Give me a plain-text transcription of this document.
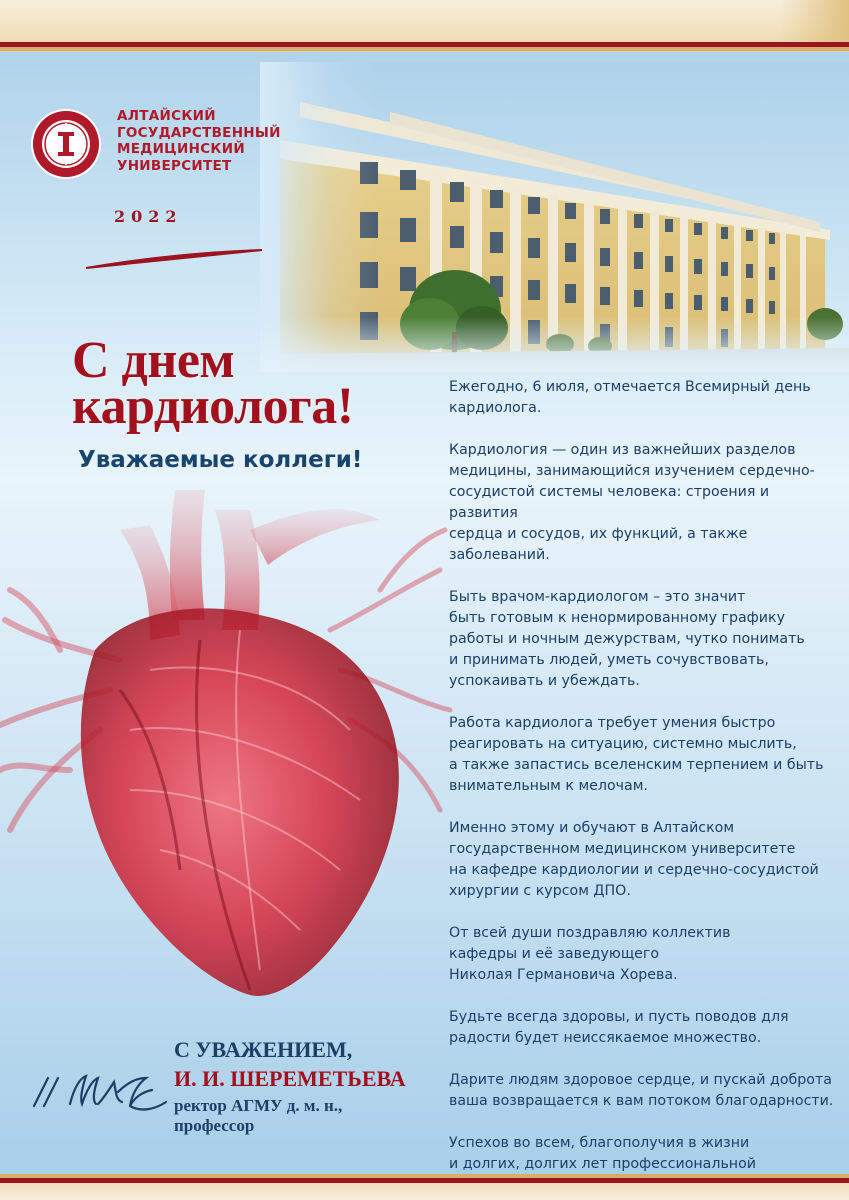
АЛТАЙСКИЙ
ГОСУДАРСТВЕННЫЙ
МЕДИЦИНСКИЙ
УНИВЕРСИТЕТ
2022
С днем
кардиолога!
Уважаемые коллеги!

Ежегодно, 6 июля, отмечается Всемирный день
кардиолога.

Кардиология — один из важнейших разделов
медицины, занимающийся изучением сердечно-
сосудистой системы человека: строения и развития
сердца и сосудов, их функций, а также
заболеваний.

Быть врачом-кардиологом – это значит
быть готовым к ненормированному графику
работы и ночным дежурствам, чутко понимать
и принимать людей, уметь сочувствовать,
успокаивать и убеждать.

Работа кардиолога требует умения быстро
реагировать на ситуацию, системно мыслить,
а также запастись вселенским терпением и быть
внимательным к мелочам.

Именно этому и обучают в Алтайском
государственном медицинском университете
на кафедре кардиологии и сердечно-сосудистой
хирургии с курсом ДПО.

От всей души поздравляю коллектив
кафедры и её заведующего
Николая Германовича Хорева.

Будьте всегда здоровы, и пусть поводов для
радости будет неиссякаемое множество.

Дарите людям здоровое сердце, и пускай доброта
ваша возвращается к вам потоком благодарности.

Успехов во всем, благополучия в жизни
и долгих, долгих лет профессиональной

С УВАЖЕНИЕМ,
И. И. ШЕРЕМЕТЬЕВА
ректор АГМУ д. м. н.,
профессор
